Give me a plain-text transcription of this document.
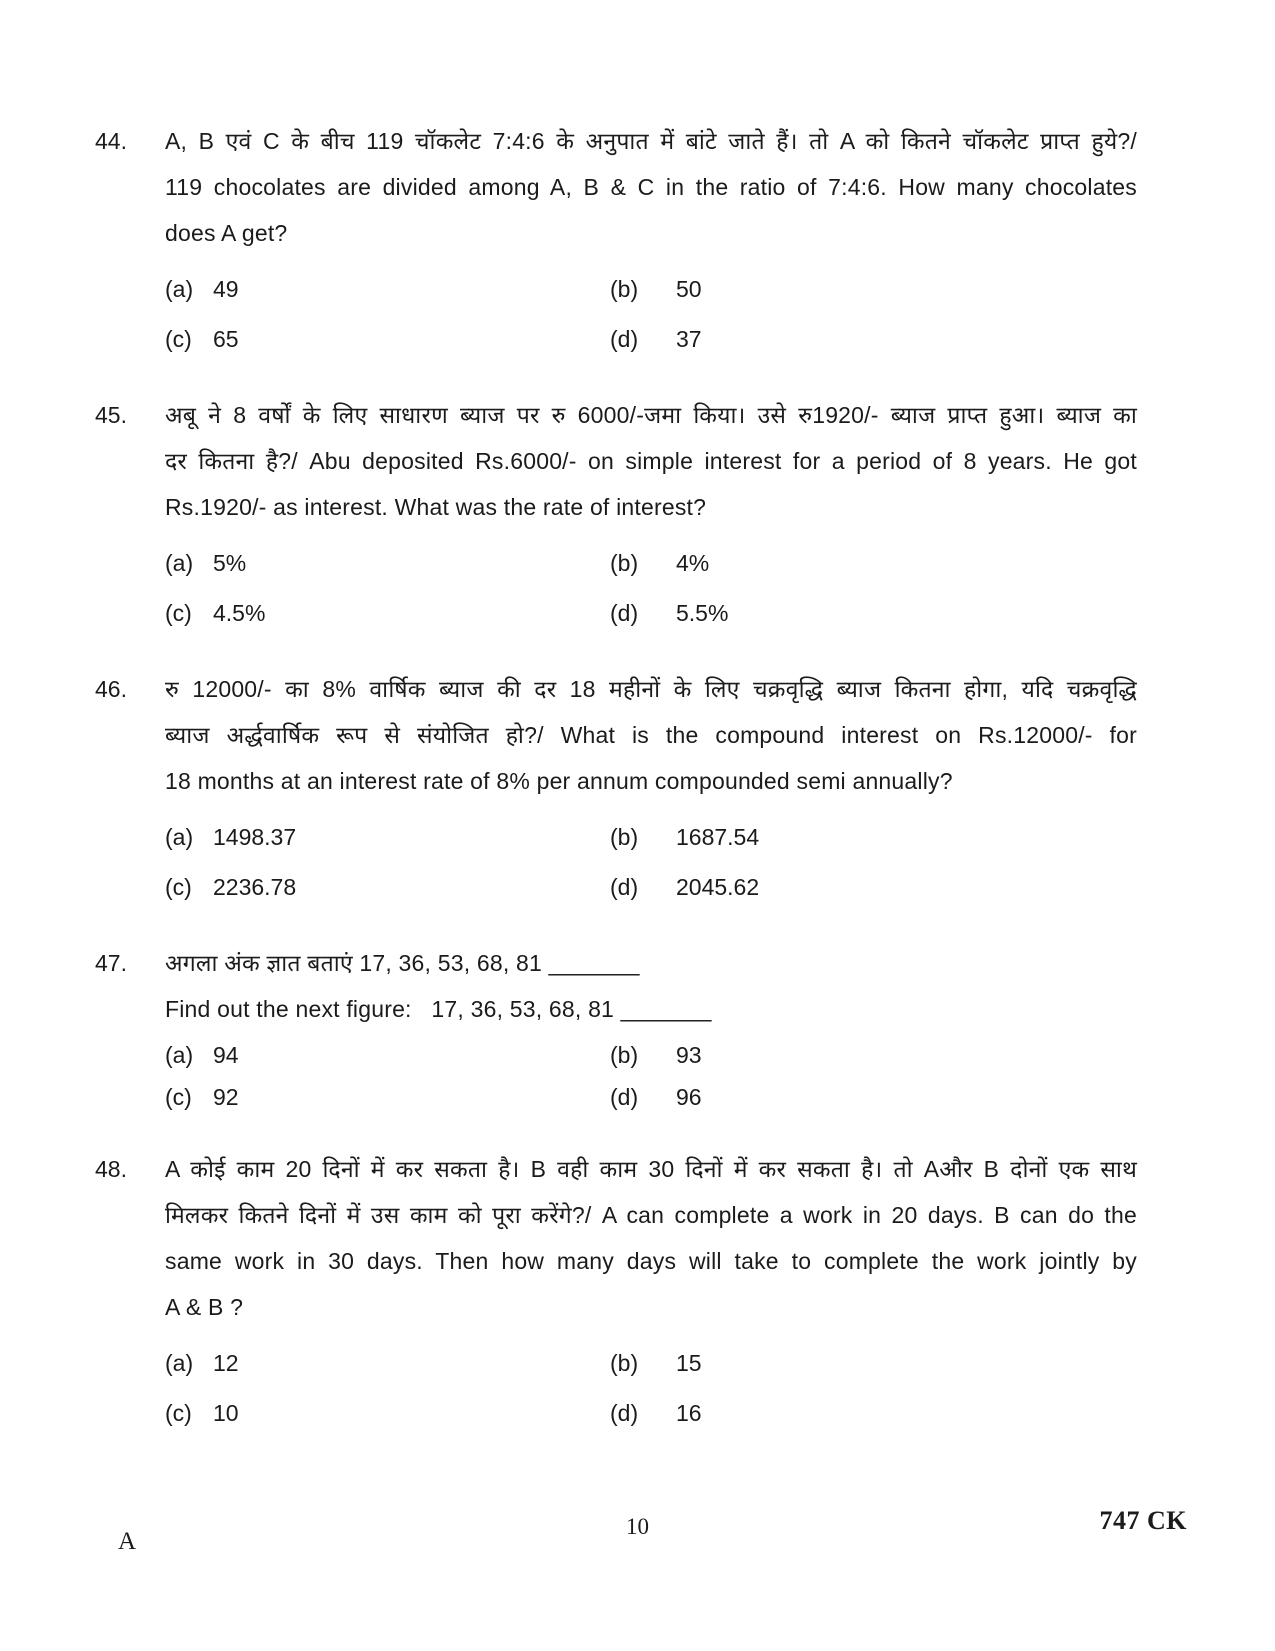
44.	A, B एवं C के बीच 119 चॉकलेट 7:4:6 के अनुपात में बांटे जाते हैं। तो A को कितने चॉकलेट प्राप्त हुये?/
119 chocolates are divided among A, B & C in the ratio of 7:4:6. How many chocolates
does A get?
(a) 49	(b)	50
(c) 65	(d)	37
45.	अबू ने 8 वर्षों के लिए साधारण ब्याज पर रु 6000/-जमा किया। उसे रु1920/- ब्याज प्राप्त हुआ। ब्याज का
दर कितना है?/ Abu deposited Rs.6000/- on simple interest for a period of 8 years. He got
Rs.1920/- as interest. What was the rate of interest?
(a) 5%	(b)	4%
(c) 4.5%	(d)	5.5%
46.	रु 12000/- का 8% वार्षिक ब्याज की दर 18 महीनों के लिए चक्रवृद्धि ब्याज कितना होगा, यदि चक्रवृद्धि
ब्याज अर्द्धवार्षिक रूप से संयोजित हो?/ What is the compound interest on Rs.12000/- for
18 months at an interest rate of 8% per annum compounded semi annually?
(a) 1498.37	(b)	1687.54
(c) 2236.78	(d)	2045.62
47.	अगला अंक ज्ञात बताएं 17, 36, 53, 68, 81 _______
Find out the next figure:   17, 36, 53, 68, 81 _______
(a) 94	(b)	93
(c) 92	(d)	96
48.	A कोई काम 20 दिनों में कर सकता है। B वही काम 30 दिनों में कर सकता है। तो Aऔर B दोनों एक साथ
मिलकर कितने दिनों में उस काम को पूरा करेंगे?/ A can complete a work in 20 days. B can do the
same work in 30 days. Then how many days will take to complete the work jointly by
A & B ?
(a) 12	(b)	15
(c) 10	(d)	16
A
10	747 CK
